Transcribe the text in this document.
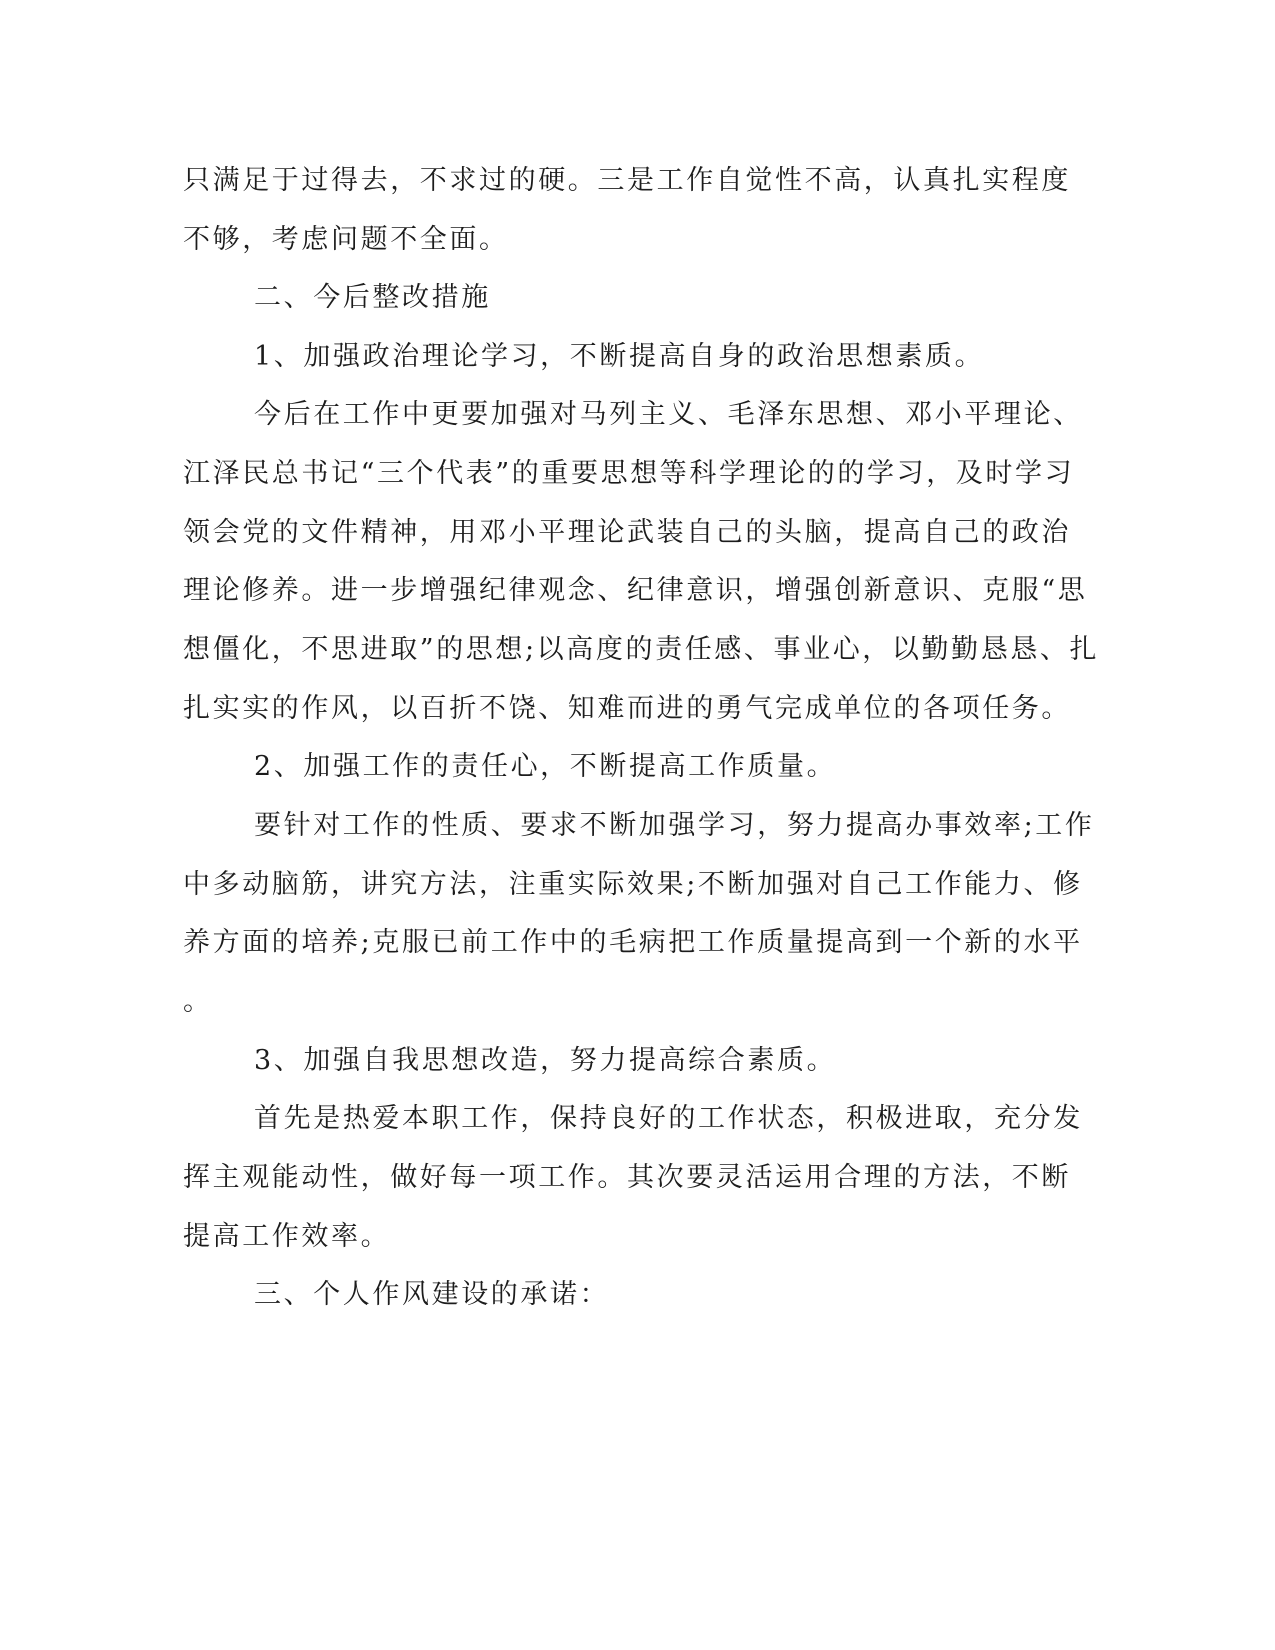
只满足于过得去，不求过的硬。三是工作自觉性不高，认真扎实程度
不够，考虑问题不全面。
二、今后整改措施
1、加强政治理论学习，不断提高自身的政治思想素质。
今后在工作中更要加强对马列主义、毛泽东思想、邓小平理论、
江泽民总书记“三个代表”的重要思想等科学理论的的学习，及时学习
领会党的文件精神，用邓小平理论武装自己的头脑，提高自己的政治
理论修养。进一步增强纪律观念、纪律意识，增强创新意识、克服“思
想僵化，不思进取”的思想;以高度的责任感、事业心，以勤勤恳恳、扎
扎实实的作风，以百折不饶、知难而进的勇气完成单位的各项任务。
2、加强工作的责任心，不断提高工作质量。
要针对工作的性质、要求不断加强学习，努力提高办事效率;工作
中多动脑筋，讲究方法，注重实际效果;不断加强对自己工作能力、修
养方面的培养;克服已前工作中的毛病把工作质量提高到一个新的水平
。
3、加强自我思想改造，努力提高综合素质。
首先是热爱本职工作，保持良好的工作状态，积极进取，充分发
挥主观能动性，做好每一项工作。其次要灵活运用合理的方法，不断
提高工作效率。
三、个人作风建设的承诺：
